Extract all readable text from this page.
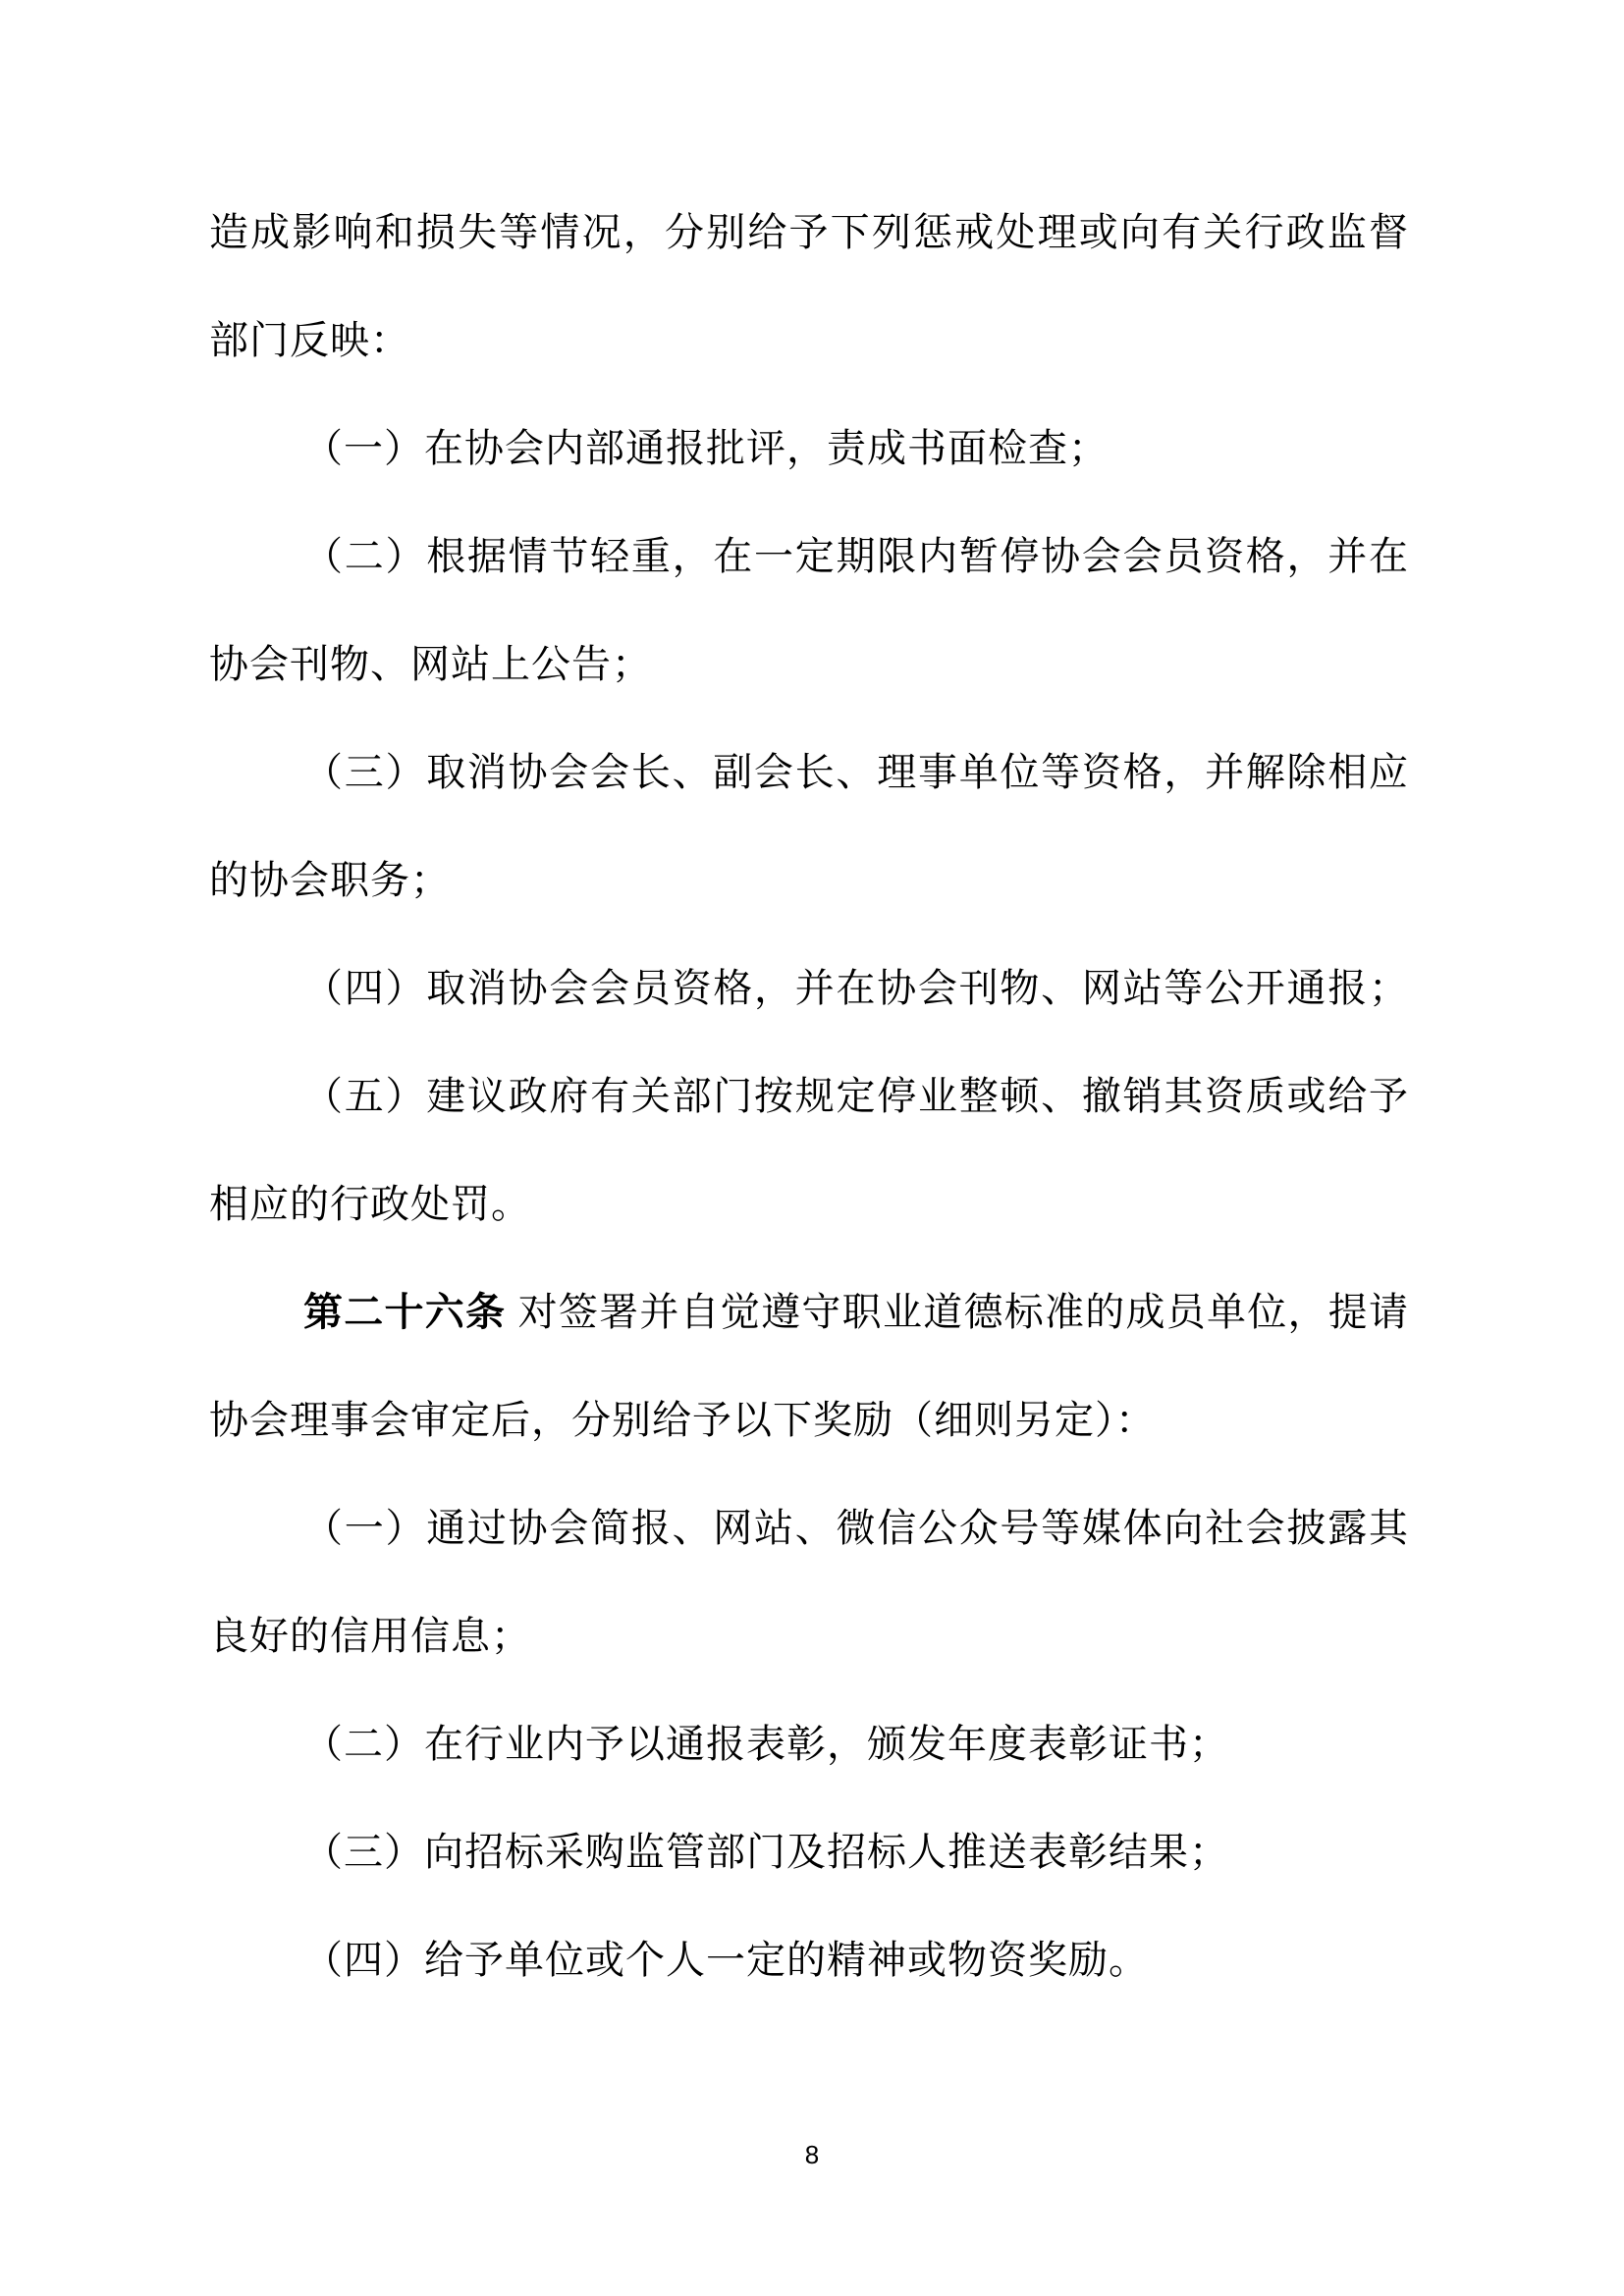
造成影响和损失等情况，分别给予下列惩戒处理或向有关行政监督
部门反映：
（一）在协会内部通报批评，责成书面检查；
（二）根据情节轻重，在一定期限内暂停协会会员资格，并在
协会刊物、网站上公告；
（三）取消协会会长、副会长、理事单位等资格，并解除相应
的协会职务；
（四）取消协会会员资格，并在协会刊物、网站等公开通报；
（五）建议政府有关部门按规定停业整顿、撤销其资质或给予
相应的行政处罚。
第二十六条 对签署并自觉遵守职业道德标准的成员单位，提请
协会理事会审定后，分别给予以下奖励（细则另定）：
（一）通过协会简报、网站、微信公众号等媒体向社会披露其
良好的信用信息；
（二）在行业内予以通报表彰，颁发年度表彰证书；
（三）向招标采购监管部门及招标人推送表彰结果；
（四）给予单位或个人一定的精神或物资奖励。
8
